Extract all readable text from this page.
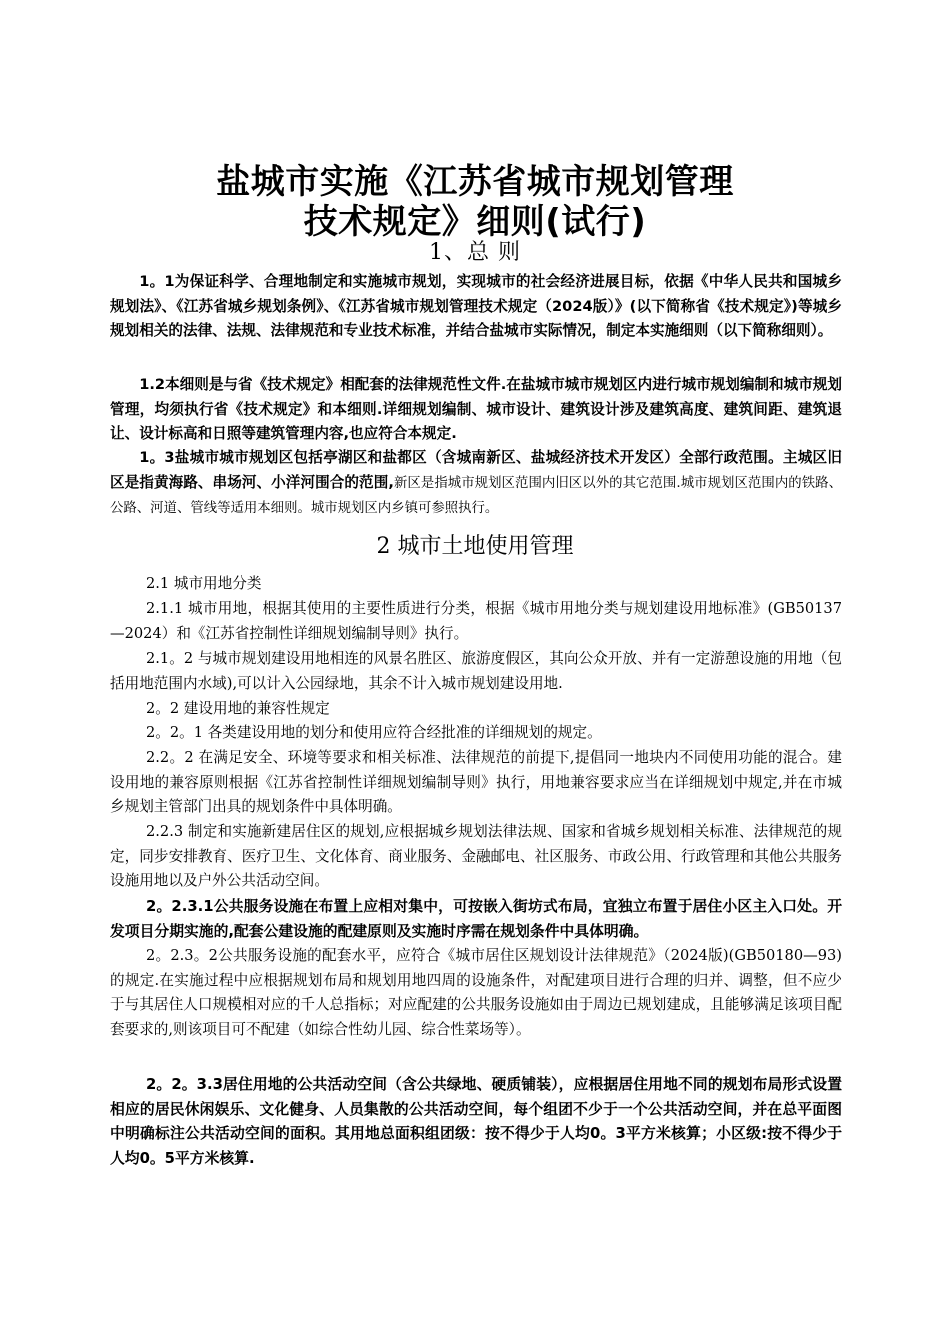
盐城市实施《江苏省城市规划管理
技术规定》细则(试行)
1、总 则

1。1为保证科学、合理地制定和实施城市规划，实现城市的社会经济进展目标，依据《中华人民共和国城乡规划法》、《江苏省城乡规划条例》、《江苏省城市规划管理技术规定（2024版）》(以下简称省《技术规定》)等城乡规划相关的法律、法规、法律规范和专业技术标准，并结合盐城市实际情况，制定本实施细则（以下简称细则）。

1.2本细则是与省《技术规定》相配套的法律规范性文件.在盐城市城市规划区内进行城市规划编制和城市规划管理，均须执行省《技术规定》和本细则.详细规划编制、城市设计、建筑设计涉及建筑高度、建筑间距、建筑退让、设计标高和日照等建筑管理内容,也应符合本规定.

1。3盐城市城市规划区包括亭湖区和盐都区（含城南新区、盐城经济技术开发区）全部行政范围。主城区旧区是指黄海路、串场河、小洋河围合的范围,新区是指城市规划区范围内旧区以外的其它范围.城市规划区范围内的铁路、公路、河道、管线等适用本细则。城市规划区内乡镇可参照执行。

2 城市土地使用管理

2.1 城市用地分类

2.1.1 城市用地，根据其使用的主要性质进行分类，根据《城市用地分类与规划建设用地标准》(GB50137—2024）和《江苏省控制性详细规划编制导则》执行。

2.1。2 与城市规划建设用地相连的风景名胜区、旅游度假区，其向公众开放、并有一定游憩设施的用地（包括用地范围内水域),可以计入公园绿地，其余不计入城市规划建设用地.

2。2 建设用地的兼容性规定

2。2。1 各类建设用地的划分和使用应符合经批准的详细规划的规定。

2.2。2 在满足安全、环境等要求和相关标准、法律规范的前提下,提倡同一地块内不同使用功能的混合。建设用地的兼容原则根据《江苏省控制性详细规划编制导则》执行，用地兼容要求应当在详细规划中规定,并在市城乡规划主管部门出具的规划条件中具体明确。

2.2.3 制定和实施新建居住区的规划,应根据城乡规划法律法规、国家和省城乡规划相关标准、法律规范的规定，同步安排教育、医疗卫生、文化体育、商业服务、金融邮电、社区服务、市政公用、行政管理和其他公共服务设施用地以及户外公共活动空间。

2。2.3.1公共服务设施在布置上应相对集中，可按嵌入街坊式布局，宜独立布置于居住小区主入口处。开发项目分期实施的,配套公建设施的配建原则及实施时序需在规划条件中具体明确。

2。2.3。2公共服务设施的配套水平，应符合《城市居住区规划设计法律规范》（2024版)(GB50180—93)的规定.在实施过程中应根据规划布局和规划用地四周的设施条件，对配建项目进行合理的归并、调整，但不应少于与其居住人口规模相对应的千人总指标；对应配建的公共服务设施如由于周边已规划建成，且能够满足该项目配套要求的,则该项目可不配建（如综合性幼儿园、综合性菜场等）。

2。2。3.3居住用地的公共活动空间（含公共绿地、硬质铺装），应根据居住用地不同的规划布局形式设置相应的居民休闲娱乐、文化健身、人员集散的公共活动空间，每个组团不少于一个公共活动空间，并在总平面图中明确标注公共活动空间的面积。其用地总面积组团级：按不得少于人均0。3平方米核算；小区级:按不得少于人均0。5平方米核算.
